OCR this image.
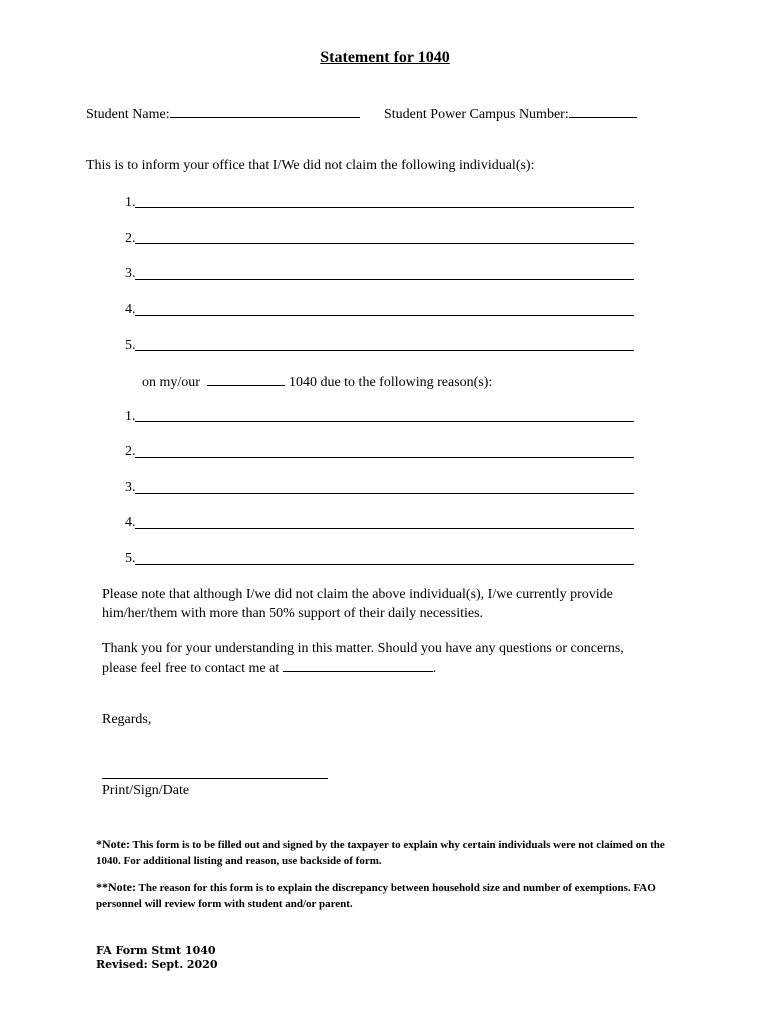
Statement for 1040
Student Name:	Student Power Campus Number:
This is to inform your office that I/We did not claim the following individual(s):
1.
2.
3.
4.
5.
on my/our	1040 due to the following reason(s):
1.
2.
3.
4.
5.
Please note that although I/we did not claim the above individual(s), I/we currently provide him/her/them with more than 50% support of their daily necessities.
Thank you for your understanding in this matter. Should you have any questions or concerns, please feel free to contact me at	.
Regards,
Print/Sign/Date
*Note: This form is to be filled out and signed by the taxpayer to explain why certain individuals were not claimed on the 1040. For additional listing and reason, use backside of form.
**Note: The reason for this form is to explain the discrepancy between household size and number of exemptions. FAO personnel will review form with student and/or parent.
FA Form Stmt 1040
Revised: Sept. 2020
